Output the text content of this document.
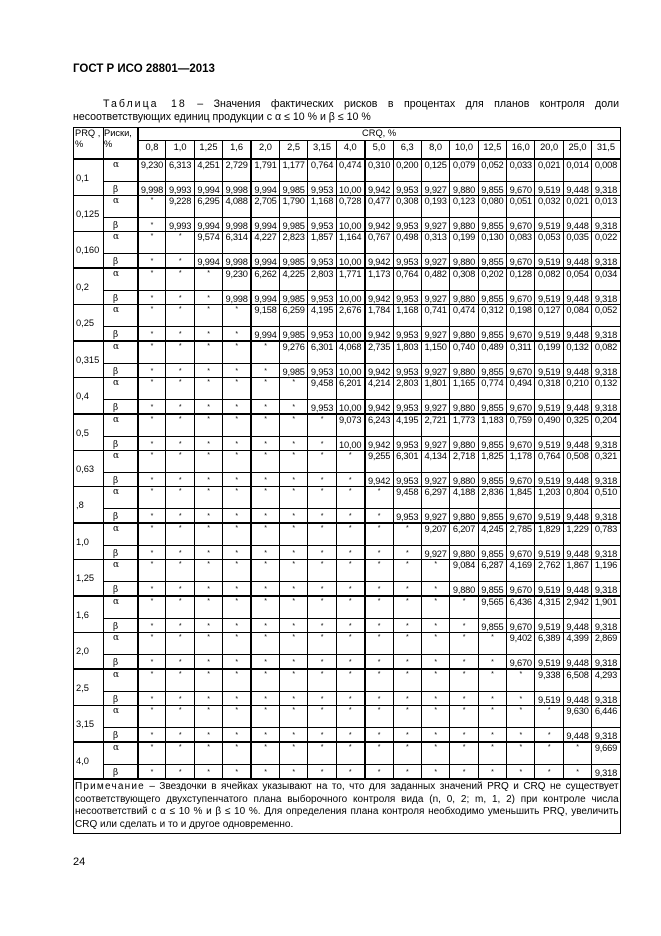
ГОСТ Р ИСО 28801—2013
Таблица 18 – Значения фактических рисков в процентах для планов контроля доли
несоответствующих единиц продукции с α ≤ 10 % и β ≤ 10 %
PRQ , %	Риски, %	CRQ, %																
		0,8	1,0	1,25	1,6	2,0	2,5	3,15	4,0	5,0	6,3	8,0	10,0	12,5	16,0	20,0	25,0	31,5
0,1	α	9,230	6,313	4,251	2,729	1,791	1,177	0,764	0,474	0,310	0,200	0,125	0,079	0,052	0,033	0,021	0,014	0,008
	β	9,998	9,993	9,994	9,998	9,994	9,985	9,953	10,00	9,942	9,953	9,927	9,880	9,855	9,670	9,519	9,448	9,318
0,125	α	*	9,228	6,295	4,088	2,705	1,790	1,168	0,728	0,477	0,308	0,193	0,123	0,080	0,051	0,032	0,021	0,013
	β	*	9,993	9,994	9,998	9,994	9,985	9,953	10,00	9,942	9,953	9,927	9,880	9,855	9,670	9,519	9,448	9,318
0,160	α	*	*	9,574	6,314	4,227	2,823	1,857	1,164	0,767	0,498	0,313	0,199	0,130	0,083	0,053	0,035	0,022
	β	*	*	9,994	9,998	9,994	9,985	9,953	10,00	9,942	9,953	9,927	9,880	9,855	9,670	9,519	9,448	9,318
0,2	α	*	*	*	9,230	6,262	4,225	2,803	1,771	1,173	0,764	0,482	0,308	0,202	0,128	0,082	0,054	0,034
	β	*	*	*	9,998	9,994	9,985	9,953	10,00	9,942	9,953	9,927	9,880	9,855	9,670	9,519	9,448	9,318
0,25	α	*	*	*	*	9,158	6,259	4,195	2,676	1,784	1,168	0,741	0,474	0,312	0,198	0,127	0,084	0,052
	β	*	*	*	*	9,994	9,985	9,953	10,00	9,942	9,953	9,927	9,880	9,855	9,670	9,519	9,448	9,318
0,315	α	*	*	*	*	*	9,276	6,301	4,068	2,735	1,803	1,150	0,740	0,489	0,311	0,199	0,132	0,082
	β	*	*	*	*	*	9,985	9,953	10,00	9,942	9,953	9,927	9,880	9,855	9,670	9,519	9,448	9,318
0,4	α	*	*	*	*	*	*	9,458	6,201	4,214	2,803	1,801	1,165	0,774	0,494	0,318	0,210	0,132
	β	*	*	*	*	*	*	9,953	10,00	9,942	9,953	9,927	9,880	9,855	9,670	9,519	9,448	9,318
0,5	α	*	*	*	*	*	*	*	9,073	6,243	4,195	2,721	1,773	1,183	0,759	0,490	0,325	0,204
	β	*	*	*	*	*	*	*	10,00	9,942	9,953	9,927	9,880	9,855	9,670	9,519	9,448	9,318
0,63	α	*	*	*	*	*	*	*	*	9,255	6,301	4,134	2,718	1,825	1,178	0,764	0,508	0,321
	β	*	*	*	*	*	*	*	*	9,942	9,953	9,927	9,880	9,855	9,670	9,519	9,448	9,318
,8	α	*	*	*	*	*	*	*	*	*	9,458	6,297	4,188	2,836	1,845	1,203	0,804	0,510
	β	*	*	*	*	*	*	*	*	*	9,953	9,927	9,880	9,855	9,670	9,519	9,448	9,318
1,0	α	*	*	*	*	*	*	*	*	*	*	9,207	6,207	4,245	2,785	1,829	1,229	0,783
	β	*	*	*	*	*	*	*	*	*	*	9,927	9,880	9,855	9,670	9,519	9,448	9,318
1,25	α	*	*	*	*	*	*	*	*	*	*	*	9,084	6,287	4,169	2,762	1,867	1,196
	β	*	*	*	*	*	*	*	*	*	*	*	9,880	9,855	9,670	9,519	9,448	9,318
1,6	α	*	*	*	*	*	*	*	*	*	*	*	*	9,565	6,436	4,315	2,942	1,901
	β	*	*	*	*	*	*	*	*	*	*	*	*	9,855	9,670	9,519	9,448	9,318
2,0	α	*	*	*	*	*	*	*	*	*	*	*	*	*	9,402	6,389	4,399	2,869
	β	*	*	*	*	*	*	*	*	*	*	*	*	*	9,670	9,519	9,448	9,318
2,5	α	*	*	*	*	*	*	*	*	*	*	*	*	*	*	9,338	6,508	4,293
	β	*	*	*	*	*	*	*	*	*	*	*	*	*	*	9,519	9,448	9,318
3,15	α	*	*	*	*	*	*	*	*	*	*	*	*	*	*	*	9,630	6,446
	β	*	*	*	*	*	*	*	*	*	*	*	*	*	*	*	9,448	9,318
4,0	α	*	*	*	*	*	*	*	*	*	*	*	*	*	*	*	*	9,669
	β	*	*	*	*	*	*	*	*	*	*	*	*	*	*	*	*	9,318
Примечание – Звездочки в ячейках указывают на то, что для заданных значений PRQ и CRQ не существует соответствующего двухступенчатого плана выборочного контроля вида (n, 0, 2; m, 1, 2) при контроле числа несоответствий с α ≤ 10 % и β ≤ 10 %. Для определения плана контроля необходимо уменьшить PRQ, увеличить CRQ или сделать и то и другое одновременно.																		
24
